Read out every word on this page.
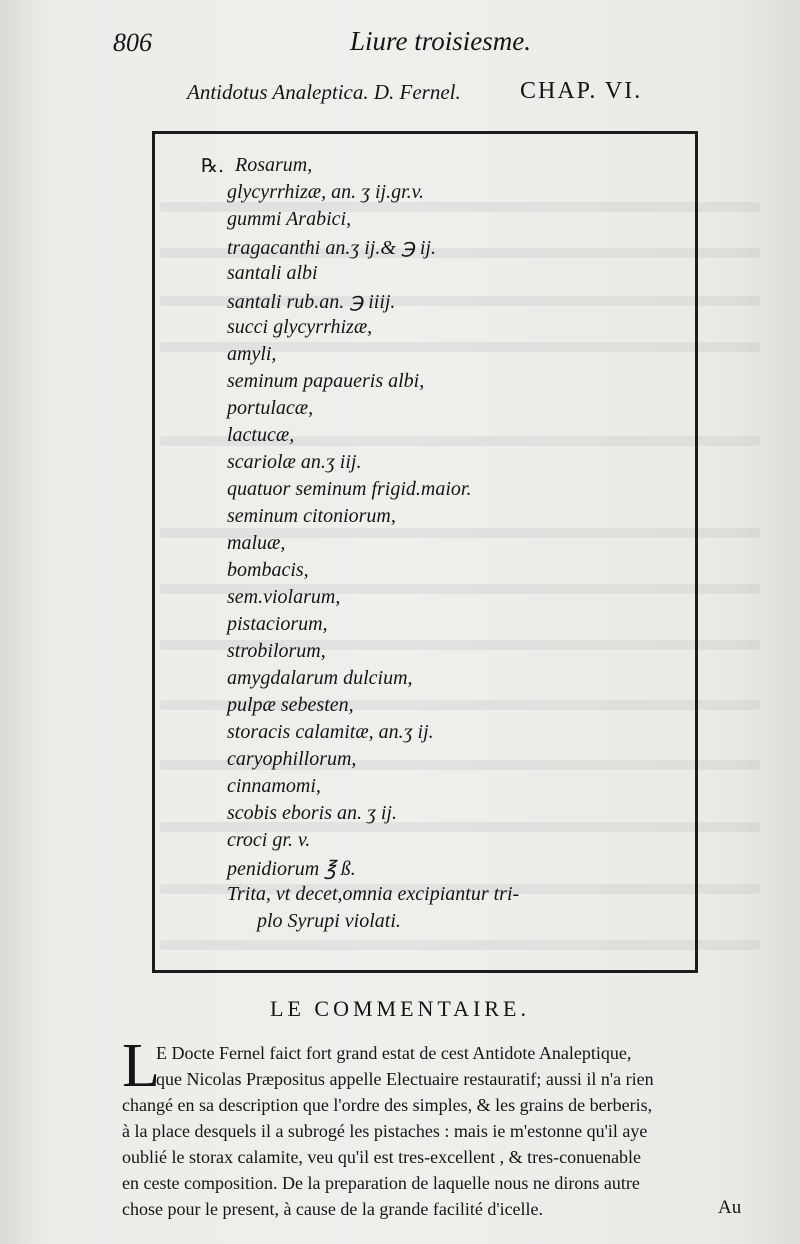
806	Liure troisiesme.
Antidotus Analeptica. D. Fernel. CHAP. VI.
℞. Rosarum,
glycyrrhizæ, an. ʒ ij.gr.v.
gummi Arabici,
tragacanthi an.ʒ ij.& ℈ ij.
santali albi
santali rub.an. ℈ iiij.
succi glycyrrhizæ,
amyli,
seminum papaueris albi,
portulacæ,
lactucæ,
scariolæ an.ʒ iij.
quatuor seminum frigid.maior.
seminum citoniorum,
maluæ,
bombacis,
sem.violarum,
pistaciorum,
strobilorum,
amygdalarum dulcium,
pulpæ sebesten,
storacis calamitæ, an.ʒ ij.
caryophillorum,
cinnamomi,
scobis eboris an. ʒ ij.
croci gr. v.
penidiorum ℥ ß.
Trita, vt decet,omnia excipiantur tri-
plo Syrupi violati.
LE COMMENTAIRE.
L
E Docte Fernel faict fort grand estat de cest Antidote Analeptique,
que Nicolas Præpositus appelle Electuaire restauratif; aussi il n'a rien
changé en sa description que l'ordre des simples, & les grains de berberis,
à la place desquels il a subrogé les pistaches : mais ie m'estonne qu'il aye
oublié le storax calamite, veu qu'il est tres-excellent , & tres-conuenable
en ceste composition. De la preparation de laquelle nous ne dirons autre
chose pour le present, à cause de la grande facilité d'icelle.	Au
